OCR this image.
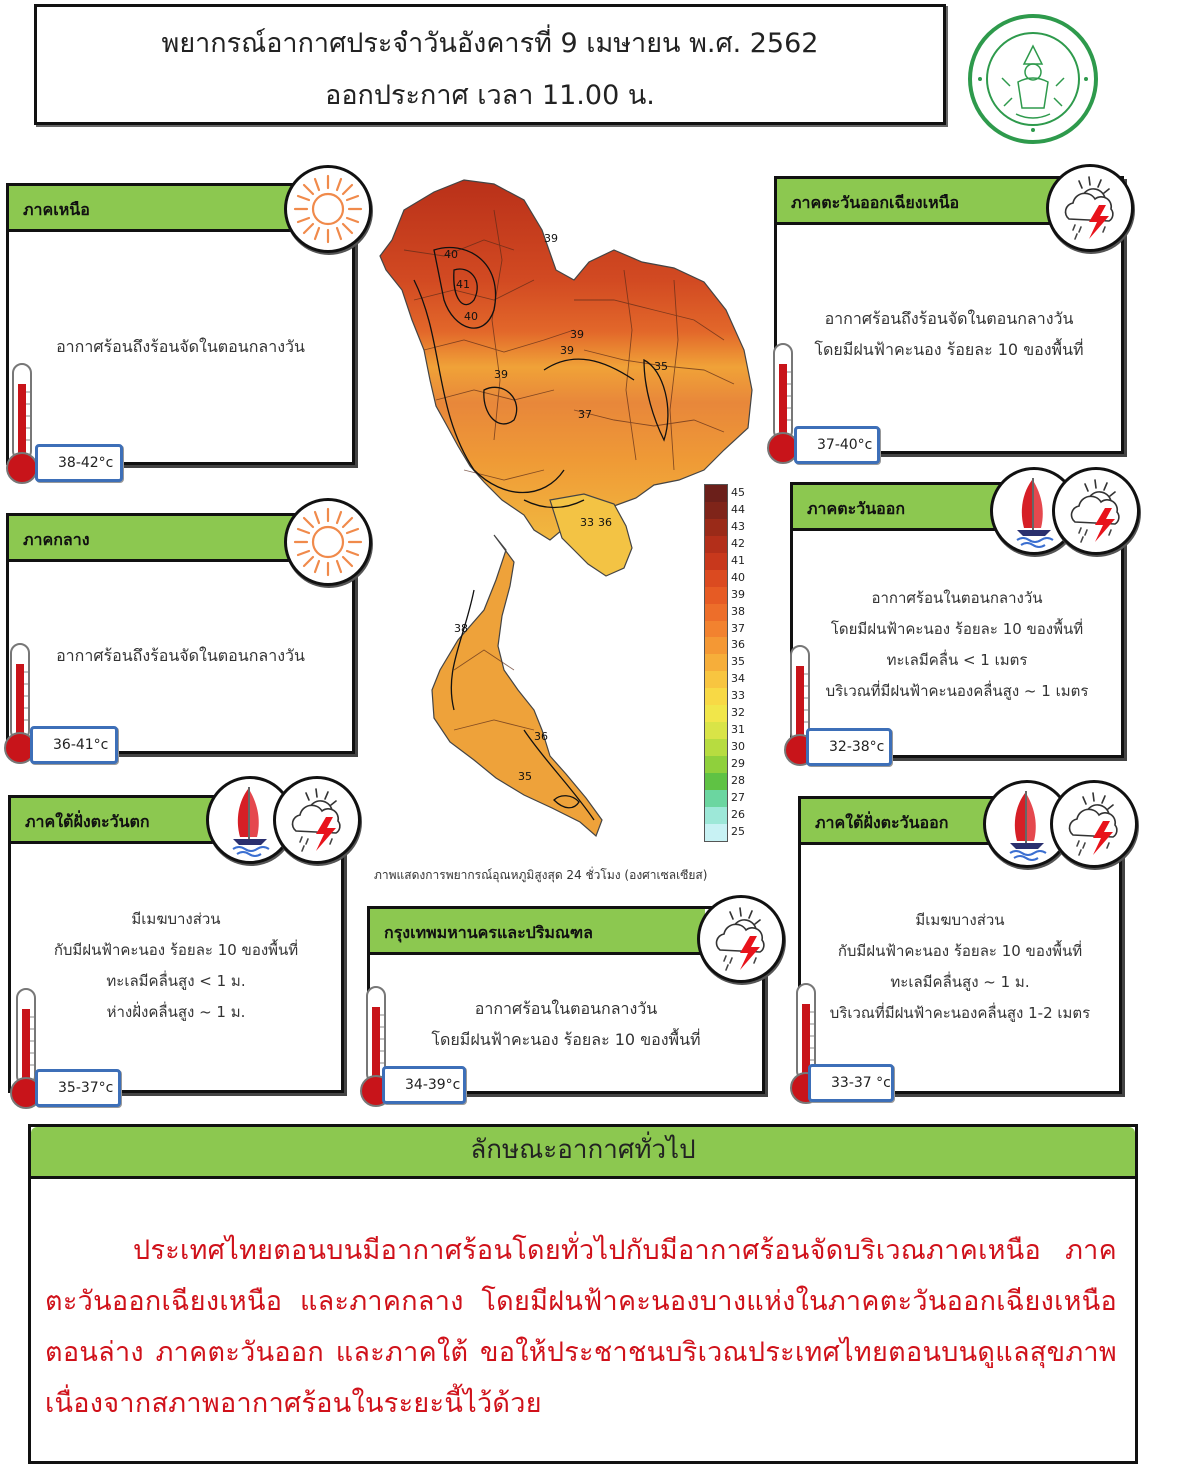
พยากรณ์อากาศประจำวันอังคารที่ 9 เมษายน พ.ศ. 2562
ออกประกาศ เวลา 11.00 น.
ภาคเหนือ
อากาศร้อนถึงร้อนจัดในตอนกลางวัน
38-42°c
ภาคกลาง
อากาศร้อนถึงร้อนจัดในตอนกลางวัน
36-41°c
ภาคใต้ฝั่งตะวันตก
มีเมฆบางส่วน
กับมีฝนฟ้าคะนอง ร้อยละ 10 ของพื้นที่
ทะเลมีคลื่นสูง < 1 ม.
ห่างฝั่งคลื่นสูง ~ 1 ม.
35-37°c
กรุงเทพมหานครและปริมณฑล
อากาศร้อนในตอนกลางวัน
โดยมีฝนฟ้าคะนอง ร้อยละ 10 ของพื้นที่
34-39°c
ภาคตะวันออกเฉียงเหนือ
อากาศร้อนถึงร้อนจัดในตอนกลางวัน
โดยมีฝนฟ้าคะนอง ร้อยละ 10 ของพื้นที่
37-40°c
ภาคตะวันออก
อากาศร้อนในตอนกลางวัน
โดยมีฝนฟ้าคะนอง ร้อยละ 10 ของพื้นที่
ทะเลมีคลื่น < 1 เมตร
บริเวณที่มีฝนฟ้าคะนองคลื่นสูง ~ 1 เมตร
32-38°c
ภาคใต้ฝั่งตะวันออก
มีเมฆบางส่วน
กับมีฝนฟ้าคะนอง ร้อยละ 10 ของพื้นที่
ทะเลมีคลื่นสูง ~ 1 ม.
บริเวณที่มีฝนฟ้าคะนองคลื่นสูง 1-2 เมตร
33-37 °c
39
40
41
40
39
39
39
37
35
33
38
36
35
36
45
44
43
42
41
40
39
38
37
36
35
34
33
32
31
30
29
28
27
26
25
ภาพแสดงการพยากรณ์อุณหภูมิสูงสุด 24 ชั่วโมง (องศาเซลเซียส)
ลักษณะอากาศทั่วไป
ประเทศไทยตอนบนมีอากาศร้อนโดยทั่วไปกับมีอากาศร้อนจัดบริเวณภาคเหนือ ภาคตะวันออกเฉียงเหนือ และภาคกลาง โดยมีฝนฟ้าคะนองบางแห่งในภาคตะวันออกเฉียงเหนือตอนล่าง ภาคตะวันออก และภาคใต้ ขอให้ประชาชนบริเวณประเทศไทยตอนบนดูแลสุขภาพเนื่องจากสภาพอากาศร้อนในระยะนี้ไว้ด้วย
